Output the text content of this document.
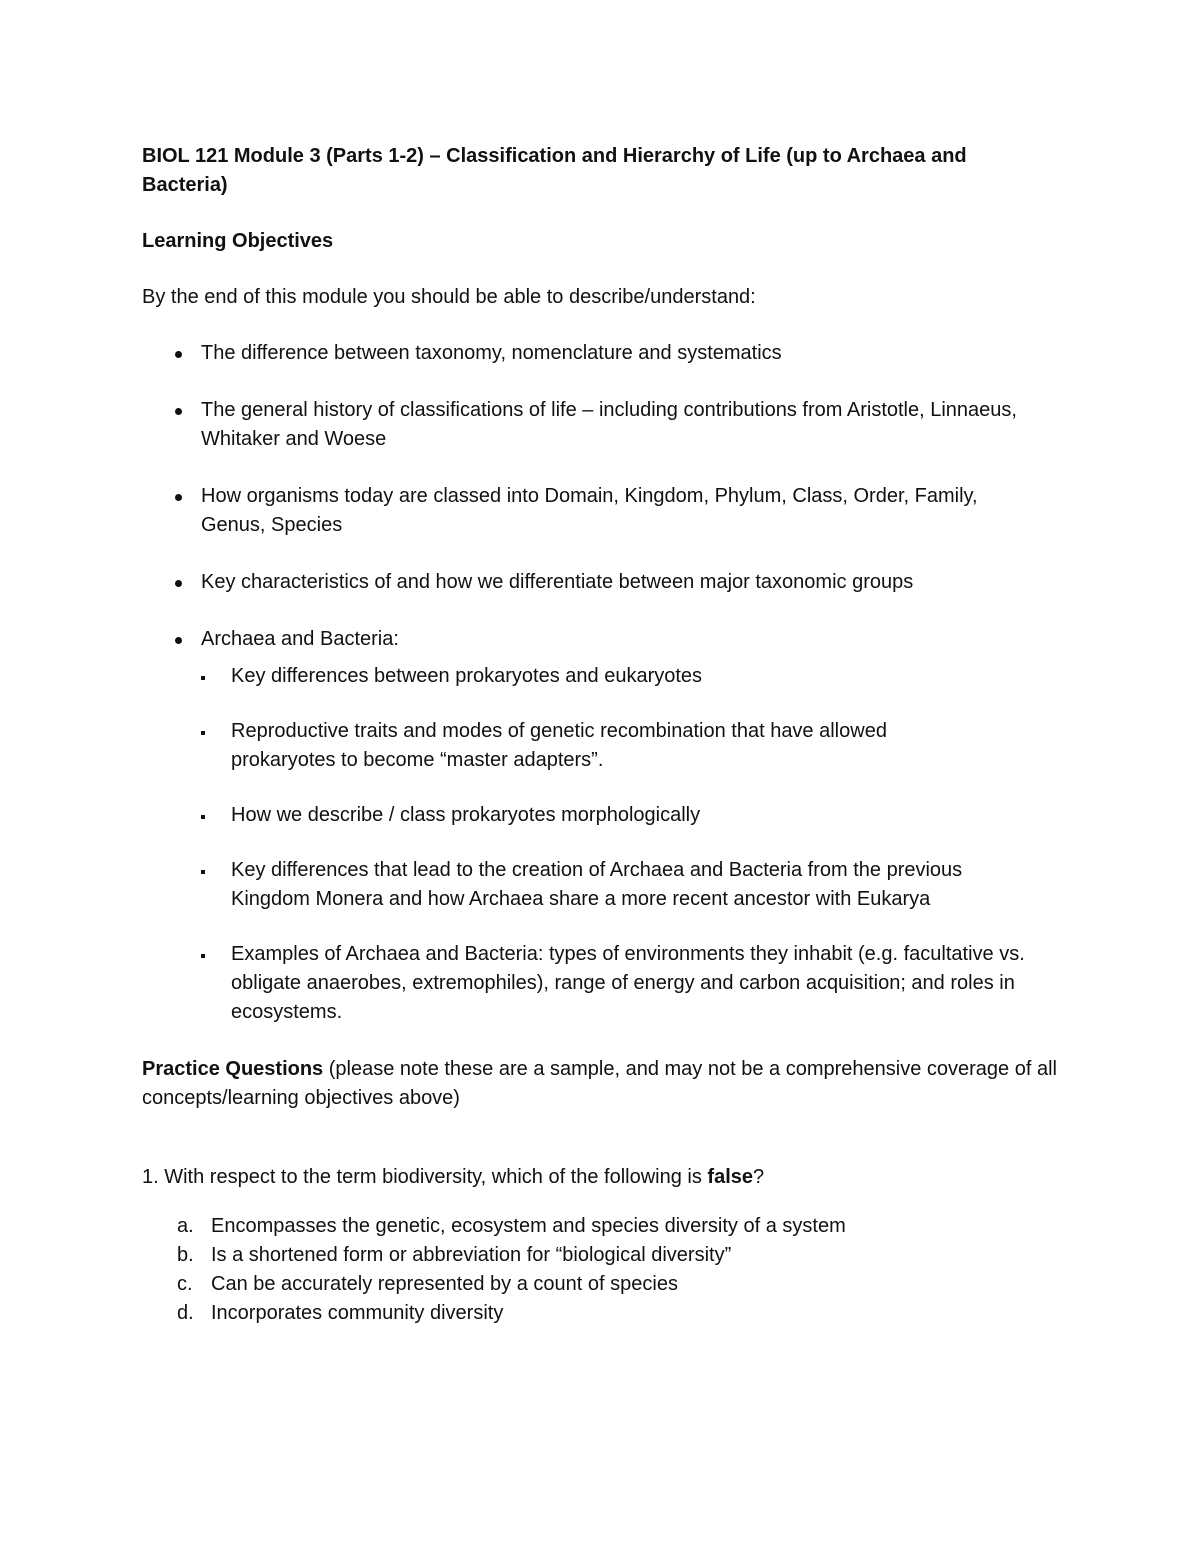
BIOL 121 Module 3 (Parts 1-2) – Classification and Hierarchy of Life (up to Archaea and
Bacteria)

Learning Objectives

By the end of this module you should be able to describe/understand:

The difference between taxonomy, nomenclature and systematics
The general history of classifications of life – including contributions from Aristotle, Linnaeus, Whitaker and Woese
How organisms today are classed into Domain, Kingdom, Phylum, Class, Order, Family, Genus, Species
Key characteristics of and how we differentiate between major taxonomic groups
Archaea and Bacteria:
Key differences between prokaryotes and eukaryotes
Reproductive traits and modes of genetic recombination that have allowed prokaryotes to become “master adapters”.
How we describe / class prokaryotes morphologically
Key differences that lead to the creation of Archaea and Bacteria from the previous Kingdom Monera and how Archaea share a more recent ancestor with Eukarya
Examples of Archaea and Bacteria: types of environments they inhabit (e.g. facultative vs. obligate anaerobes, extremophiles), range of energy and carbon acquisition; and roles in ecosystems.

Practice Questions (please note these are a sample, and may not be a comprehensive coverage of all concepts/learning objectives above)

1. With respect to the term biodiversity, which of the following is false?

a. Encompasses the genetic, ecosystem and species diversity of a system
b. Is a shortened form or abbreviation for “biological diversity”
c. Can be accurately represented by a count of species
d. Incorporates community diversity
